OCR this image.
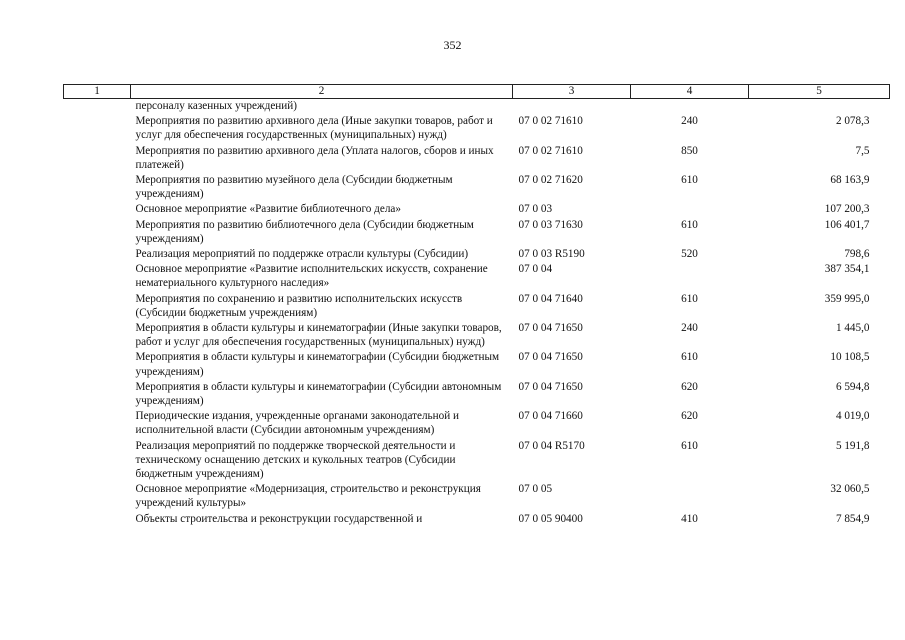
352
1	2	3	4	5
	персоналу казенных учреждений)			
	Мероприятия по развитию архивного дела (Иные закупки товаров, работ и услуг для обеспечения государственных (муниципальных) нужд)	07 0 02 71610	240	2 078,3
	Мероприятия по развитию архивного дела (Уплата налогов, сборов и иных платежей)	07 0 02 71610	850	7,5
	Мероприятия по развитию музейного дела (Субсидии бюджетным учреждениям)	07 0 02 71620	610	68 163,9
	Основное мероприятие «Развитие библиотечного дела»	07 0 03		107 200,3
	Мероприятия по развитию библиотечного дела (Субсидии бюджетным учреждениям)	07 0 03 71630	610	106 401,7
	Реализация мероприятий по поддержке отрасли культуры (Субсидии)	07 0 03 R5190	520	798,6
	Основное мероприятие «Развитие исполнительских искусств, сохранение нематериального культурного наследия»	07 0 04		387 354,1
	Мероприятия по сохранению и развитию исполнительских искусств (Субсидии бюджетным учреждениям)	07 0 04 71640	610	359 995,0
	Мероприятия в области культуры и кинематографии (Иные закупки товаров, работ и услуг для обеспечения государственных (муниципальных) нужд)	07 0 04 71650	240	1 445,0
	Мероприятия в области культуры и кинематографии (Субсидии бюджетным учреждениям)	07 0 04 71650	610	10 108,5
	Мероприятия в области культуры и кинематографии (Субсидии автономным учреждениям)	07 0 04 71650	620	6 594,8
	Периодические издания, учрежденные органами законодательной и исполнительной власти (Субсидии автономным учреждениям)	07 0 04 71660	620	4 019,0
	Реализация мероприятий по поддержке творческой деятельности и техническому оснащению детских и кукольных театров (Субсидии бюджетным учреждениям)	07 0 04 R5170	610	5 191,8
	Основное мероприятие «Модернизация, строительство и реконструкция учреждений культуры»	07 0 05		32 060,5
	Объекты строительства и реконструкции государственной и	07 0 05 90400	410	7 854,9
